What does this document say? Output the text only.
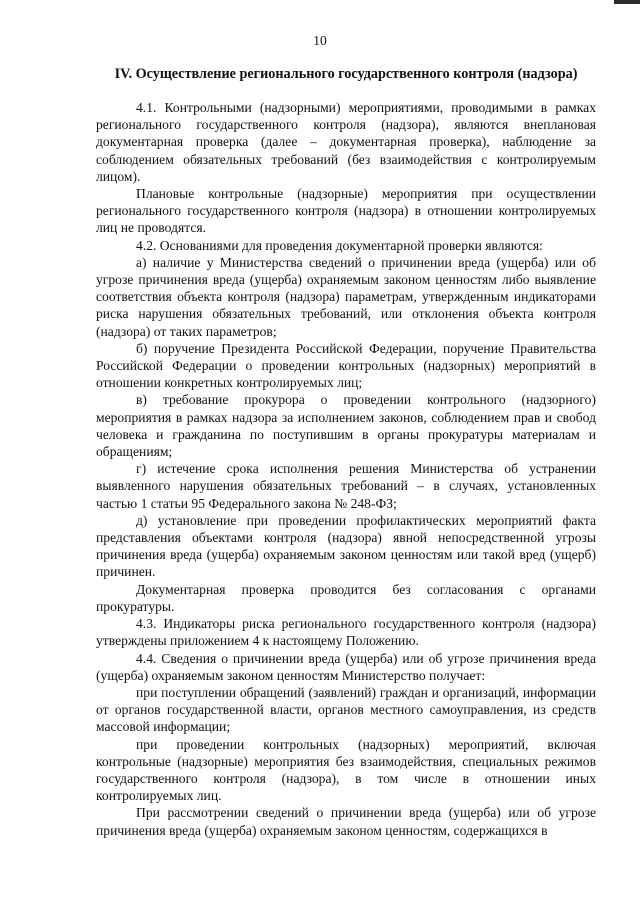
10
IV. Осуществление регионального государственного контроля (надзора)

4.1. Контрольными (надзорными) мероприятиями, проводимыми в рамках регионального государственного контроля (надзора), являются внеплановая документарная проверка (далее – документарная проверка), наблюдение за соблюдением обязательных требований (без взаимодействия с контролируемым лицом).

Плановые контрольные (надзорные) мероприятия при осуществлении регионального государственного контроля (надзора) в отношении контролируемых лиц не проводятся.

4.2. Основаниями для проведения документарной проверки являются:

а) наличие у Министерства сведений о причинении вреда (ущерба) или об угрозе причинения вреда (ущерба) охраняемым законом ценностям либо выявление соответствия объекта контроля (надзора) параметрам, утвержденным индикаторами риска нарушения обязательных требований, или отклонения объекта контроля (надзора) от таких параметров;

б) поручение Президента Российской Федерации, поручение Правительства Российской Федерации о проведении контрольных (надзорных) мероприятий в отношении конкретных контролируемых лиц;

в) требование прокурора о проведении контрольного (надзорного) мероприятия в рамках надзора за исполнением законов, соблюдением прав и свобод человека и гражданина по поступившим в органы прокуратуры материалам и обращениям;

г) истечение срока исполнения решения Министерства об устранении выявленного нарушения обязательных требований – в случаях, установленных частью 1 статьи 95 Федерального закона № 248-ФЗ;

д) установление при проведении профилактических мероприятий факта представления объектами контроля (надзора) явной непосредственной угрозы причинения вреда (ущерба) охраняемым законом ценностям или такой вред (ущерб) причинен.

Документарная проверка проводится без согласования с органами прокуратуры.

4.3. Индикаторы риска регионального государственного контроля (надзора) утверждены приложением 4 к настоящему Положению.

4.4. Сведения о причинении вреда (ущерба) или об угрозе причинения вреда (ущерба) охраняемым законом ценностям Министерство получает:

при поступлении обращений (заявлений) граждан и организаций, информации от органов государственной власти, органов местного самоуправления, из средств массовой информации;

при проведении контрольных (надзорных) мероприятий, включая контрольные (надзорные) мероприятия без взаимодействия, специальных режимов государственного контроля (надзора), в том числе в отношении иных контролируемых лиц.

При рассмотрении сведений о причинении вреда (ущерба) или об угрозе причинения вреда (ущерба) охраняемым законом ценностям, содержащихся в
